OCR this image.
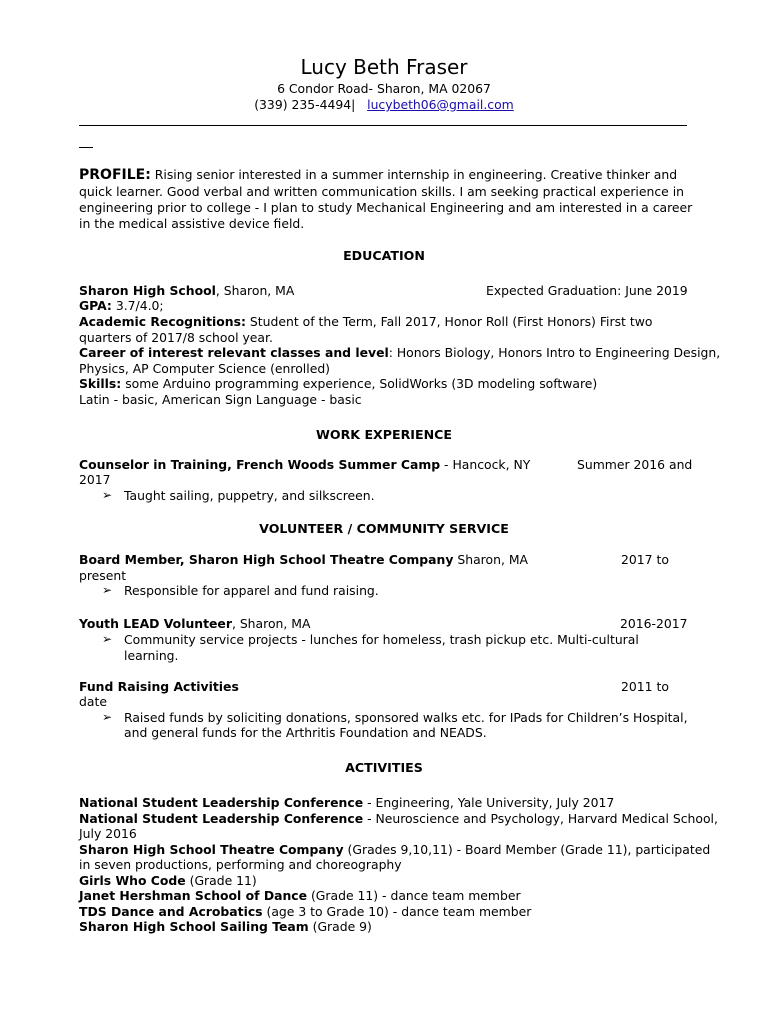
Lucy Beth Fraser
6 Condor Road- Sharon, MA 02067
(339) 235-4494| lucybeth06@gmail.com
PROFILE: Rising senior interested in a summer internship in engineering. Creative thinker and
quick learner. Good verbal and written communication skills. I am seeking practical experience in
engineering prior to college - I plan to study Mechanical Engineering and am interested in a career
in the medical assistive device field.
EDUCATION
Sharon High School, Sharon, MA	Expected Graduation: June 2019
GPA: 3.7/4.0;
Academic Recognitions: Student of the Term, Fall 2017, Honor Roll (First Honors) First two
quarters of 2017/8 school year.
Career of interest relevant classes and level: Honors Biology, Honors Intro to Engineering Design,
Physics, AP Computer Science (enrolled)
Skills: some Arduino programming experience, SolidWorks (3D modeling software)
Latin - basic, American Sign Language - basic
WORK EXPERIENCE
Counselor in Training, French Woods Summer Camp - Hancock, NY	Summer 2016 and
2017
➢ Taught sailing, puppetry, and silkscreen.
VOLUNTEER / COMMUNITY SERVICE
Board Member, Sharon High School Theatre Company Sharon, MA	2017 to
present
➢ Responsible for apparel and fund raising.
Youth LEAD Volunteer, Sharon, MA	2016-2017
➢ Community service projects - lunches for homeless, trash pickup etc. Multi-cultural
learning.
Fund Raising Activities	2011 to
date
➢ Raised funds by soliciting donations, sponsored walks etc. for IPads for Children’s Hospital,
and general funds for the Arthritis Foundation and NEADS.
ACTIVITIES
National Student Leadership Conference - Engineering, Yale University, July 2017
National Student Leadership Conference - Neuroscience and Psychology, Harvard Medical School,
July 2016
Sharon High School Theatre Company (Grades 9,10,11) - Board Member (Grade 11), participated
in seven productions, performing and choreography
Girls Who Code (Grade 11)
Janet Hershman School of Dance (Grade 11) - dance team member
TDS Dance and Acrobatics (age 3 to Grade 10) - dance team member
Sharon High School Sailing Team (Grade 9)
